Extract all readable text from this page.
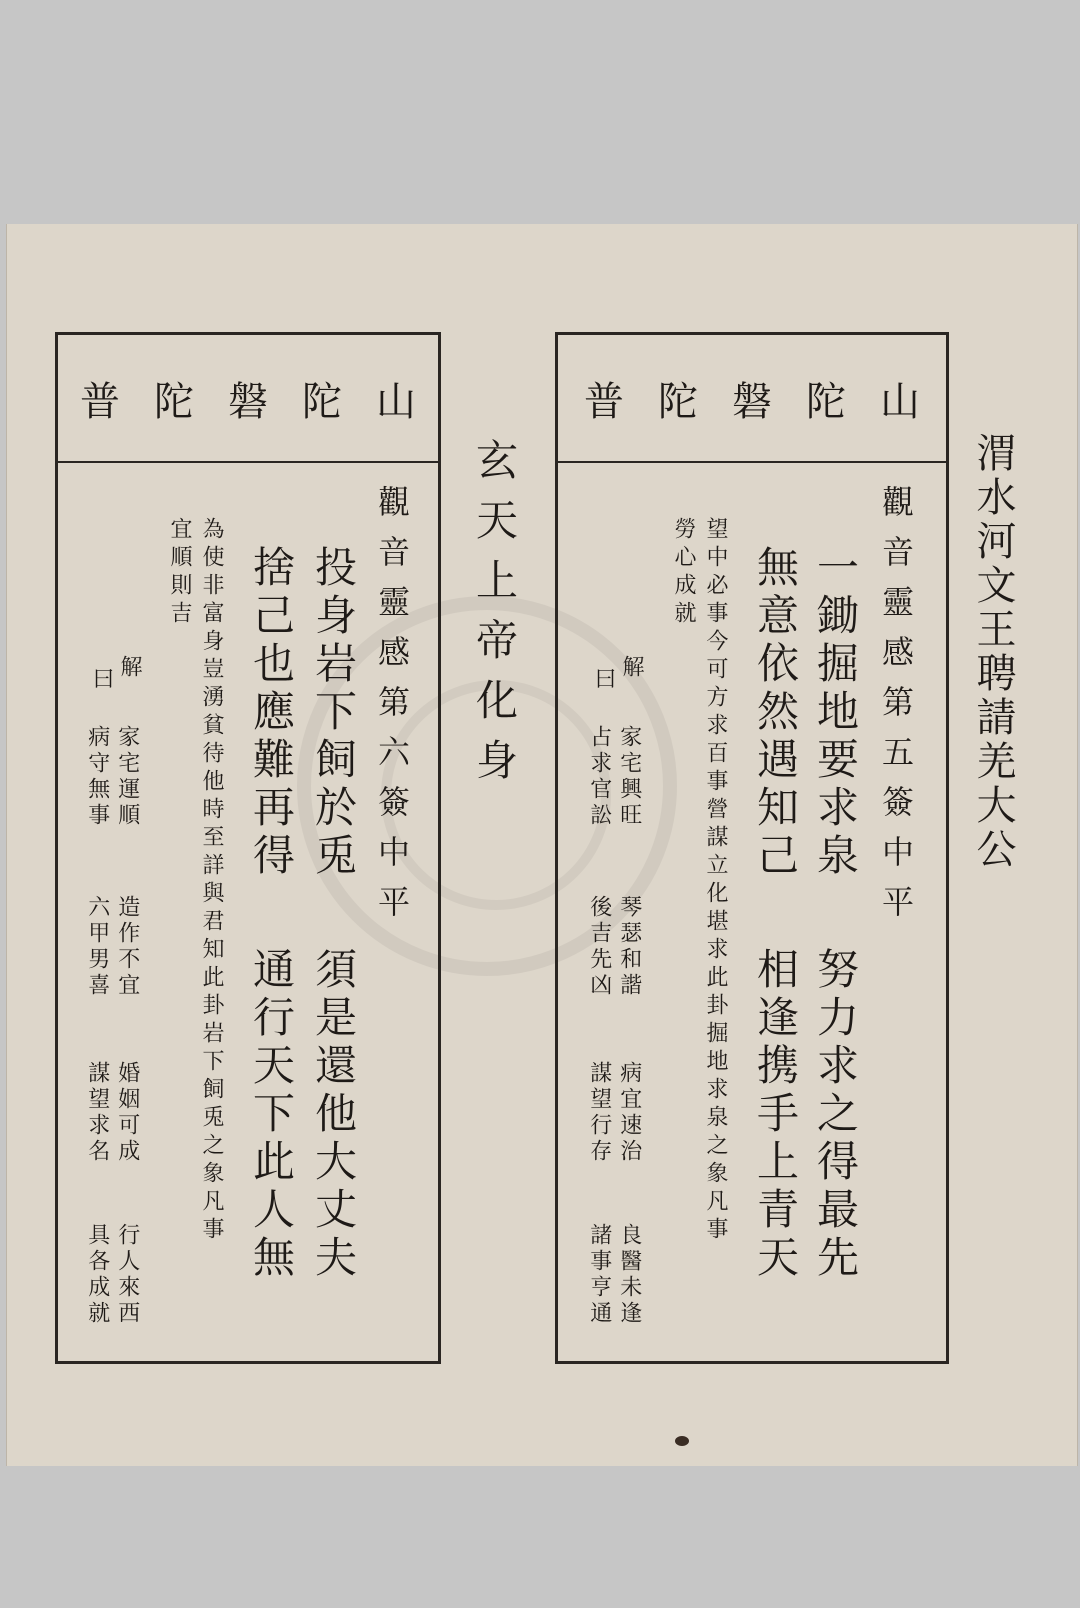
渭水河文王聘請羌大公
玄天上帝化身
普陀磐陀山
觀音靈感第五簽中平
一鋤掘地要求泉
無意依然遇知己
努力求之得最先
相逢携手上青天
望中必事今可方求百事營謀立化堪求此卦掘地求泉之象凡事
勞心成就
解
曰
家宅興旺
占求官訟
琴瑟和諧
後吉先凶
病宜速治
謀望行存
良醫未逢
諸事亨通
普陀磐陀山
觀音靈感第六簽中平
投身岩下飼於兎
捨己也應難再得
須是還他大丈夫
通行天下此人無
為使非富身豈湧貧待他時至詳與君知此卦岩下飼兎之象凡事
宜順則吉
解
曰
家宅運順
病守無事
造作不宜
六甲男喜
婚姻可成
謀望求名
行人來西
具各成就
